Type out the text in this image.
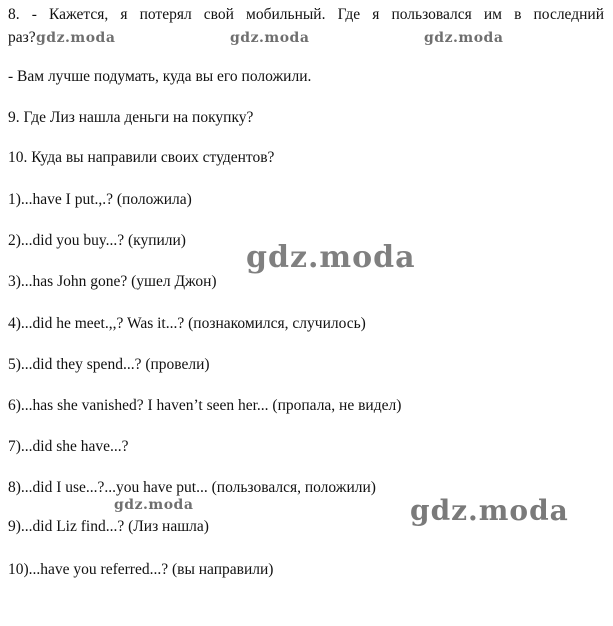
8. - Кажется, я потерял свой мобильный. Где я пользовался им в последний
раз? gdz.moda	gdz.moda	gdz.moda
- Вам лучше подумать, куда вы его положили.
9. Где Лиз нашла деньги на покупку?
10. Куда вы направили своих студентов?
1)...have I put.,.? (положила)
2)...did you buy...? (купили) gdz.moda
3)...has John gone? (ушел Джон)
4)...did he meet.,,? Was it...? (познакомился, случилось)
5)...did they spend...? (провели)
6)...has she vanished? I haven’t seen her... (пропала, не видел)
7)...did she have...?
8)...did I use...?...you have put... (пользовался, положили)
gdz.moda	gdz.moda
9)...did Liz find...? (Лиз нашла)
10)...have you referred...? (вы направили)
